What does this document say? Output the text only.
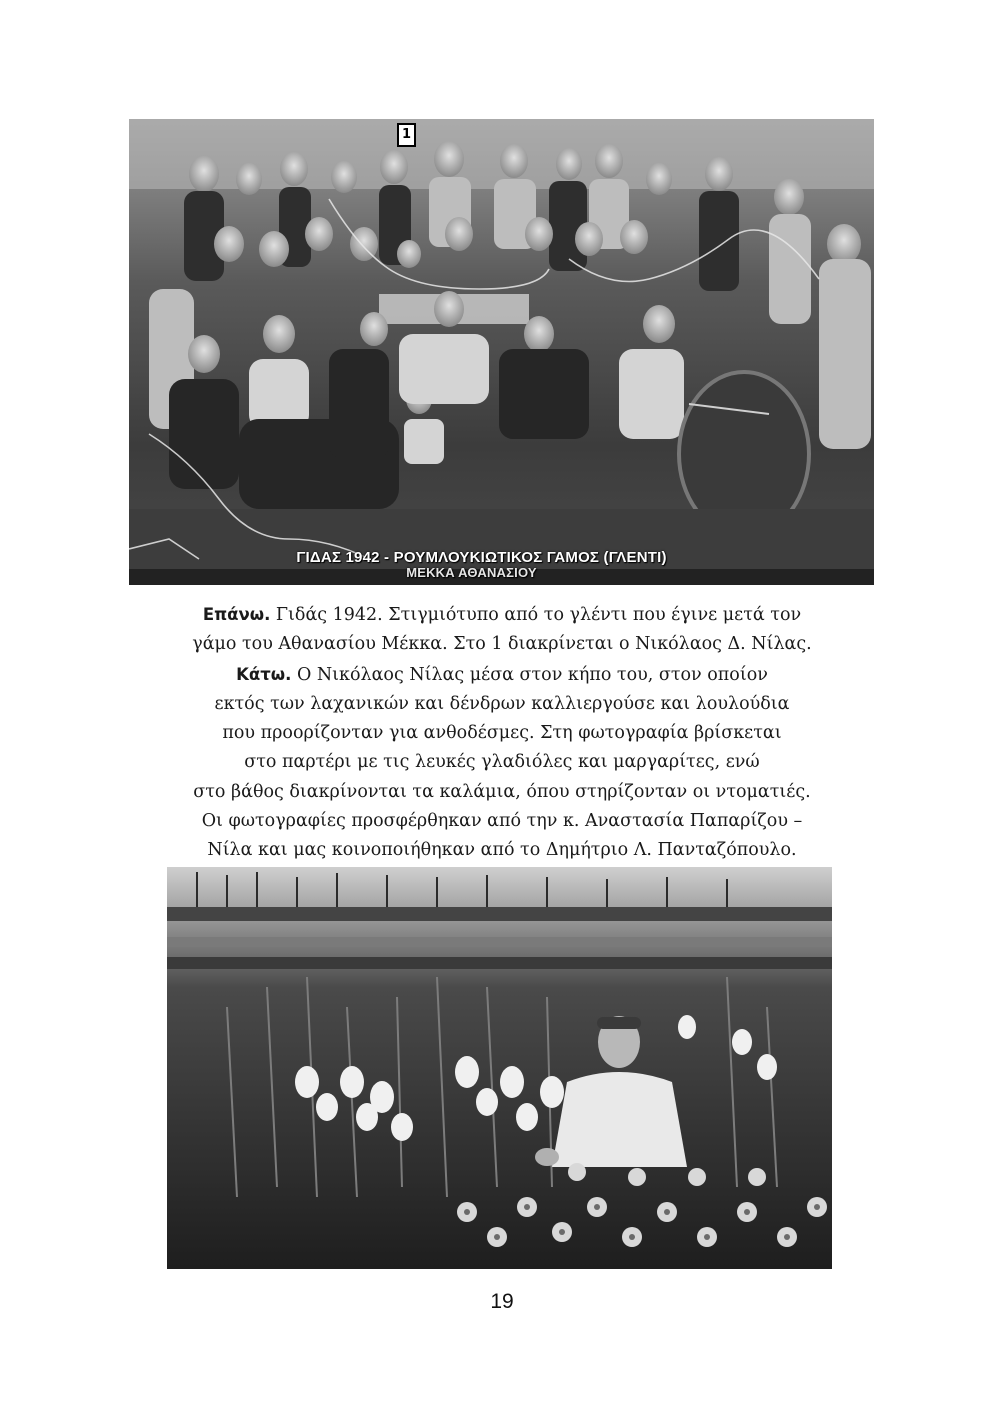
1
ΓΙΔΑΣ 1942 - ΡΟΥΜΛΟΥΚΙΩΤΙΚΟΣ ΓΑΜΟΣ (ΓΛΕΝΤΙ)
ΜΕΚΚΑ ΑΘΑΝΑΣΙΟΥ
Επάνω. Γιδάς 1942. Στιγμιότυπο από το γλέντι που έγινε μετά τον
γάμο του Αθανασίου Μέκκα. Στο 1 διακρίνεται ο Νικόλαος Δ. Νίλας.
Κάτω. Ο Νικόλαος Νίλας μέσα στον κήπο του, στον οποίον
εκτός των λαχανικών και δένδρων καλλιεργούσε και λουλούδια
που προορίζονταν για ανθοδέσμες. Στη φωτογραφία βρίσκεται
στο παρτέρι με τις λευκές γλαδιόλες και μαργαρίτες, ενώ
στο βάθος διακρίνονται τα καλάμια, όπου στηρίζονταν οι ντοματιές.
Οι φωτογραφίες προσφέρθηκαν από την κ. Αναστασία Παπαρίζου –
Νίλα και μας κοινοποιήθηκαν από το Δημήτριο Λ. Πανταζόπουλο.
19
